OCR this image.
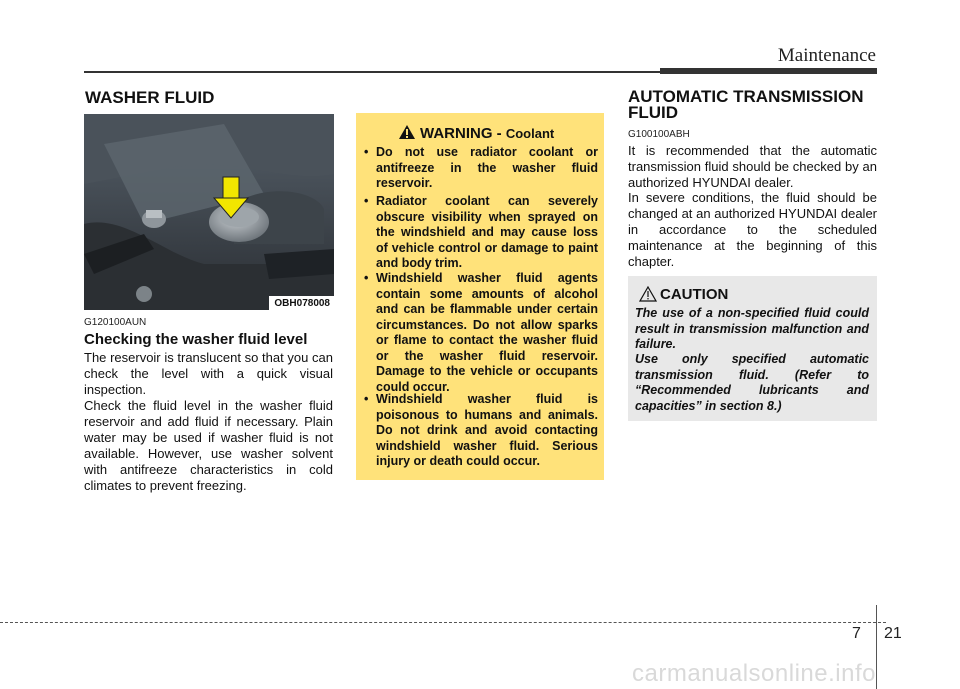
Maintenance
WASHER FLUID
OBH078008
G120100AUN
Checking the washer fluid level
The reservoir is translucent so that you can check the level with a quick visual inspection.
Check the fluid level in the washer fluid reservoir and add fluid if necessary. Plain water may be used if washer fluid is not available. However, use washer solvent with antifreeze characteristics in cold climates to prevent freezing.
WARNING - Coolant
• Do not use radiator coolant or antifreeze in the washer fluid reservoir.
• Radiator coolant can severely obscure visibility when sprayed on the windshield and may cause loss of vehicle control or damage to paint and body trim.
• Windshield washer fluid agents contain some amounts of alcohol and can be flammable under certain circumstances. Do not allow sparks or flame to contact the washer fluid or the washer fluid reservoir. Damage to the vehicle or occupants could occur.
• Windshield washer fluid is poisonous to humans and animals. Do not drink and avoid contacting windshield washer fluid. Serious injury or death could occur.
AUTOMATIC TRANSMISSION
FLUID
G100100ABH
It is recommended that the automatic transmission fluid should be checked by an authorized HYUNDAI dealer.
In severe conditions, the fluid should be changed at an authorized HYUNDAI dealer in accordance to the scheduled maintenance at the beginning of this chapter.
CAUTION
The use of a non-specified fluid could result in transmission malfunction and failure.
Use only specified automatic transmission fluid. (Refer to “Recommended lubricants and capacities” in section 8.)
7 21
carmanualsonline.info
